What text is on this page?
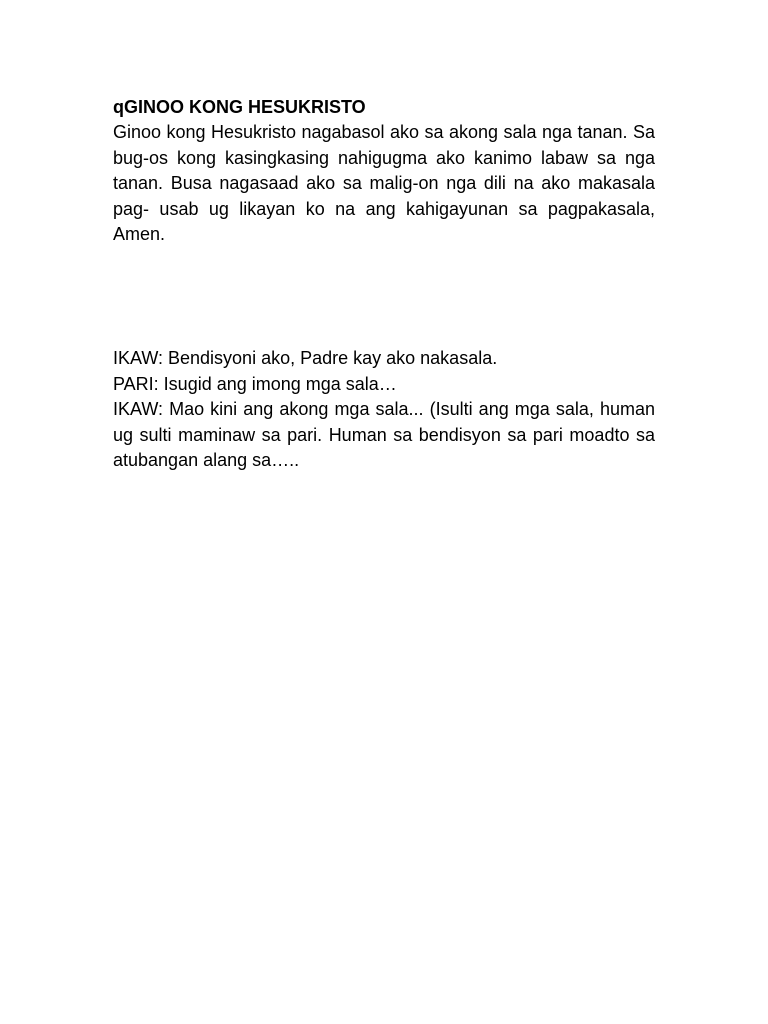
qGINOO KONG HESUKRISTO

Ginoo kong Hesukristo nagabasol ako sa akong sala nga tanan. Sa bug-os kong kasingkasing nahigugma ako kanimo labaw sa nga tanan. Busa nagasaad ako sa malig-on nga dili na ako makasala pag- usab ug likayan ko na ang kahigayunan sa pagpakasala, Amen.

IKAW: Bendisyoni ako, Padre kay ako nakasala.

PARI: Isugid ang imong mga sala…

IKAW: Mao kini ang akong mga sala... (Isulti ang mga sala, human ug sulti maminaw sa pari. Human sa bendisyon sa pari moadto sa atubangan alang sa…..
